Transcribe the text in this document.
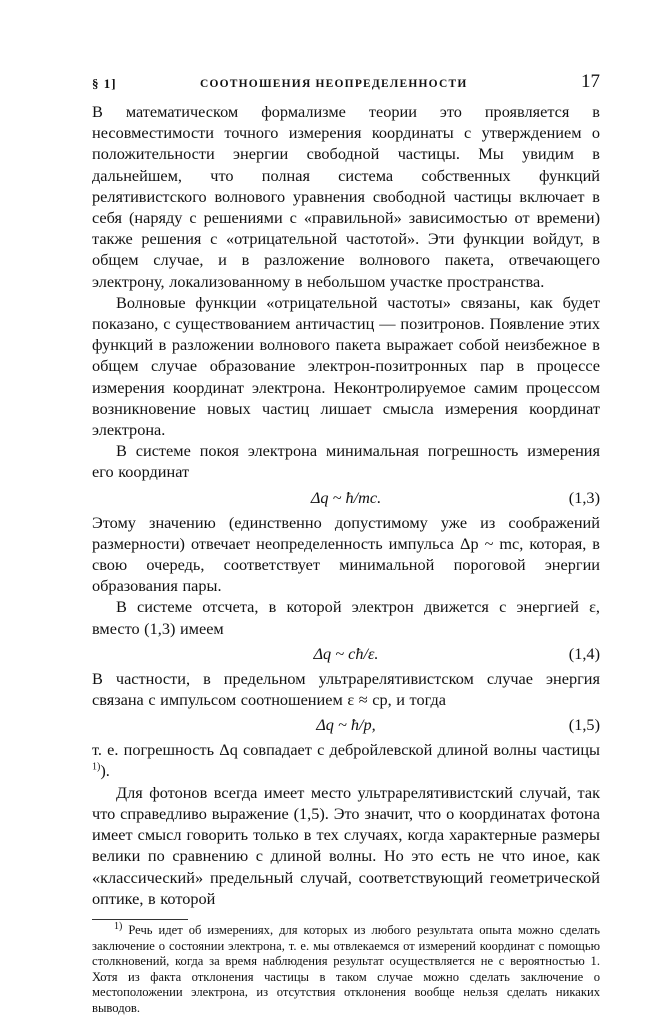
§ 1]	СООТНОШЕНИЯ НЕОПРЕДЕЛЕННОСТИ	17

В математическом формализме теории это проявляется в несовместимости точного измерения координаты с утверждением о положительности энергии свободной частицы. Мы увидим в дальнейшем, что полная система собственных функций релятивистского волнового уравнения свободной частицы включает в себя (наряду с решениями с «правильной» зависимостью от времени) также решения с «отрицательной частотой». Эти функции войдут, в общем случае, и в разложение волнового пакета, отвечающего электрону, локализованному в небольшом участке пространства.

Волновые функции «отрицательной частоты» связаны, как будет показано, с существованием античастиц — позитронов. Появление этих функций в разложении волнового пакета выражает собой неизбежное в общем случае образование электрон-позитронных пар в процессе измерения координат электрона. Неконтролируемое самим процессом возникновение новых частиц лишает смысла измерения координат электрона.

В системе покоя электрона минимальная погрешность измерения его координат

Δq ~ ħ/mc.	(1,3)

Этому значению (единственно допустимому уже из соображений размерности) отвечает неопределенность импульса Δp ~ mc, которая, в свою очередь, соответствует минимальной пороговой энергии образования пары.

В системе отсчета, в которой электрон движется с энергией ε, вместо (1,3) имеем

Δq ~ cħ/ε.	(1,4)

В частности, в предельном ультрарелятивистском случае энергия связана с импульсом соотношением ε ≈ cp, и тогда

Δq ~ ħ/p,	(1,5)

т. е. погрешность Δq совпадает с дебройлевской длиной волны частицы $^{1)}$).

Для фотонов всегда имеет место ультрарелятивистский случай, так что справедливо выражение (1,5). Это значит, что о координатах фотона имеет смысл говорить только в тех случаях, когда характерные размеры велики по сравнению с длиной волны. Но это есть не что иное, как «классический» предельный случай, соответствующий геометрической оптике, в которой

$^{1)}$ Речь идет об измерениях, для которых из любого результата опыта можно сделать заключение о состоянии электрона, т. е. мы отвлекаемся от измерений координат с помощью столкновений, когда за время наблюдения результат осуществляется не с вероятностью 1. Хотя из факта отклонения частицы в таком случае можно сделать заключение о местоположении электрона, из отсутствия отклонения вообще нельзя сделать никаких выводов.
